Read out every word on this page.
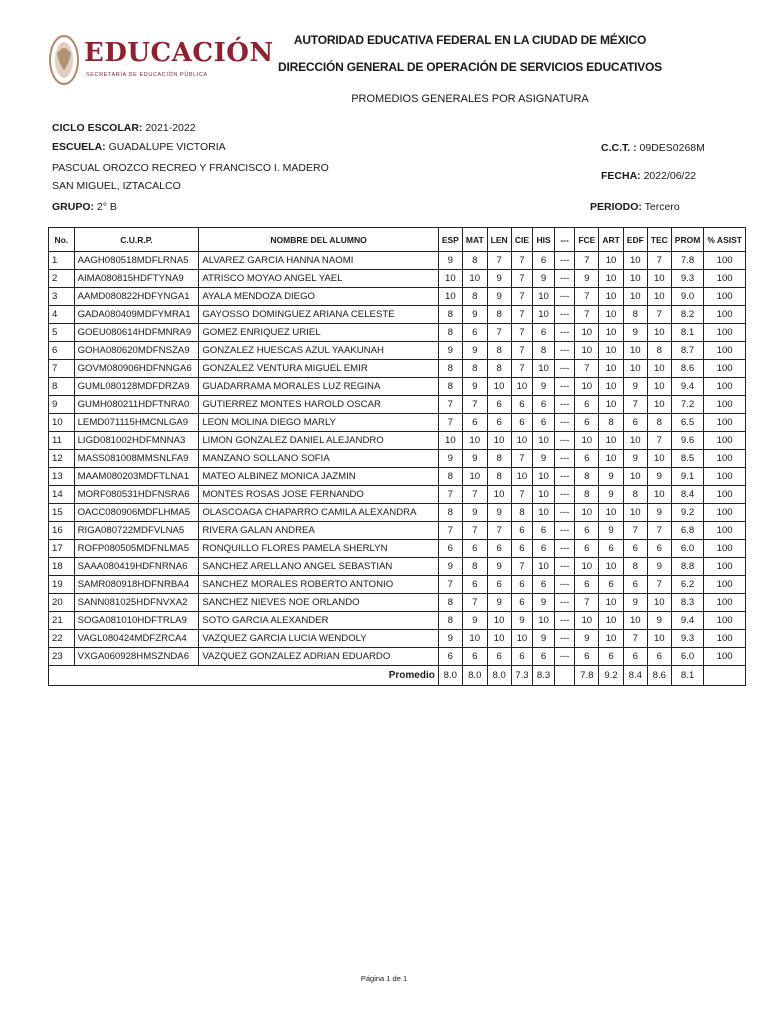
EDUCACIÓN
SECRETARÍA DE EDUCACIÓN PÚBLICA
AUTORIDAD EDUCATIVA FEDERAL EN LA CIUDAD DE MÉXICO
DIRECCIÓN GENERAL DE OPERACIÓN DE SERVICIOS EDUCATIVOS
PROMEDIOS GENERALES POR ASIGNATURA
CICLO ESCOLAR: 2021-2022
ESCUELA: GUADALUPE VICTORIA
PASCUAL OROZCO RECREO Y FRANCISCO I. MADERO
SAN MIGUEL, IZTACALCO
GRUPO: 2° B
C.C.T. : 09DES0268M
FECHA: 2022/06/22
PERIODO: Tercero
No.	C.U.R.P.	NOMBRE DEL ALUMNO	ESP	MAT	LEN	CIE	HIS	---	FCE	ART	EDF	TEC	PROM	% ASIST
1	AAGH080518MDFLRNA5	ALVAREZ GARCIA HANNA NAOMI	9	8	7	7	6	---	7	10	10	7	7.8	100
2	AIMA080815HDFTYNA9	ATRISCO MOYAO ANGEL YAEL	10	10	9	7	9	---	9	10	10	10	9.3	100
3	AAMD080822HDFYNGA1	AYALA MENDOZA DIEGO	10	8	9	7	10	---	7	10	10	10	9.0	100
4	GADA080409MDFYMRA1	GAYOSSO DOMINGUEZ ARIANA CELESTE	8	9	8	7	10	---	7	10	8	7	8.2	100
5	GOEU080614HDFMNRA9	GOMEZ ENRIQUEZ URIEL	8	6	7	7	6	---	10	10	9	10	8.1	100
6	GOHA080620MDFNSZA9	GONZALEZ HUESCAS AZUL YAAKUNAH	9	9	8	7	8	---	10	10	10	8	8.7	100
7	GOVM080906HDFNNGA6	GONZALEZ VENTURA MIGUEL EMIR	8	8	8	7	10	---	7	10	10	10	8.6	100
8	GUML080128MDFDRZA9	GUADARRAMA MORALES LUZ REGINA	8	9	10	10	9	---	10	10	9	10	9.4	100
9	GUMH080211HDFTNRA0	GUTIERREZ MONTES HAROLD OSCAR	7	7	6	6	6	---	6	10	7	10	7.2	100
10	LEMD071115HMCNLGA9	LEON MOLINA DIEGO MARLY	7	6	6	6	6	---	6	8	6	8	6.5	100
11	LIGD081002HDFMNNA3	LIMON GONZALEZ DANIEL ALEJANDRO	10	10	10	10	10	---	10	10	10	7	9.6	100
12	MASS081008MMSNLFA9	MANZANO SOLLANO SOFIA	9	9	8	7	9	---	6	10	9	10	8.5	100
13	MAAM080203MDFTLNA1	MATEO ALBINEZ MONICA JAZMIN	8	10	8	10	10	---	8	9	10	9	9.1	100
14	MORF080531HDFNSRA6	MONTES ROSAS JOSE FERNANDO	7	7	10	7	10	---	8	9	8	10	8.4	100
15	OACC080906MDFLHMA5	OLASCOAGA CHAPARRO CAMILA ALEXANDRA	8	9	9	8	10	---	10	10	10	9	9.2	100
16	RIGA080722MDFVLNA5	RIVERA GALAN ANDREA	7	7	7	6	6	---	6	9	7	7	6.8	100
17	ROFP080505MDFNLMA5	RONQUILLO FLORES PAMELA SHERLYN	6	6	6	6	6	---	6	6	6	6	6.0	100
18	SAAA080419HDFNRNA6	SANCHEZ ARELLANO ANGEL SEBASTIAN	9	8	9	7	10	---	10	10	8	9	8.8	100
19	SAMR080918HDFNRBA4	SANCHEZ MORALES ROBERTO ANTONIO	7	6	6	6	6	---	6	6	6	7	6.2	100
20	SANN081025HDFNVXA2	SANCHEZ NIEVES NOE ORLANDO	8	7	9	6	9	---	7	10	9	10	8.3	100
21	SOGA081010HDFTRLA9	SOTO GARCIA ALEXANDER	8	9	10	9	10	---	10	10	10	9	9.4	100
22	VAGL080424MDFZRCA4	VAZQUEZ GARCIA LUCIA WENDOLY	9	10	10	10	9	---	9	10	7	10	9.3	100
23	VXGA060928HMSZNDA6	VAZQUEZ GONZALEZ ADRIAN EDUARDO	6	6	6	6	6	---	6	6	6	6	6.0	100
Promedio			8.0	8.0	8.0	7.3	8.3		7.8	9.2	8.4	8.6	8.1	
Página 1 de 1
